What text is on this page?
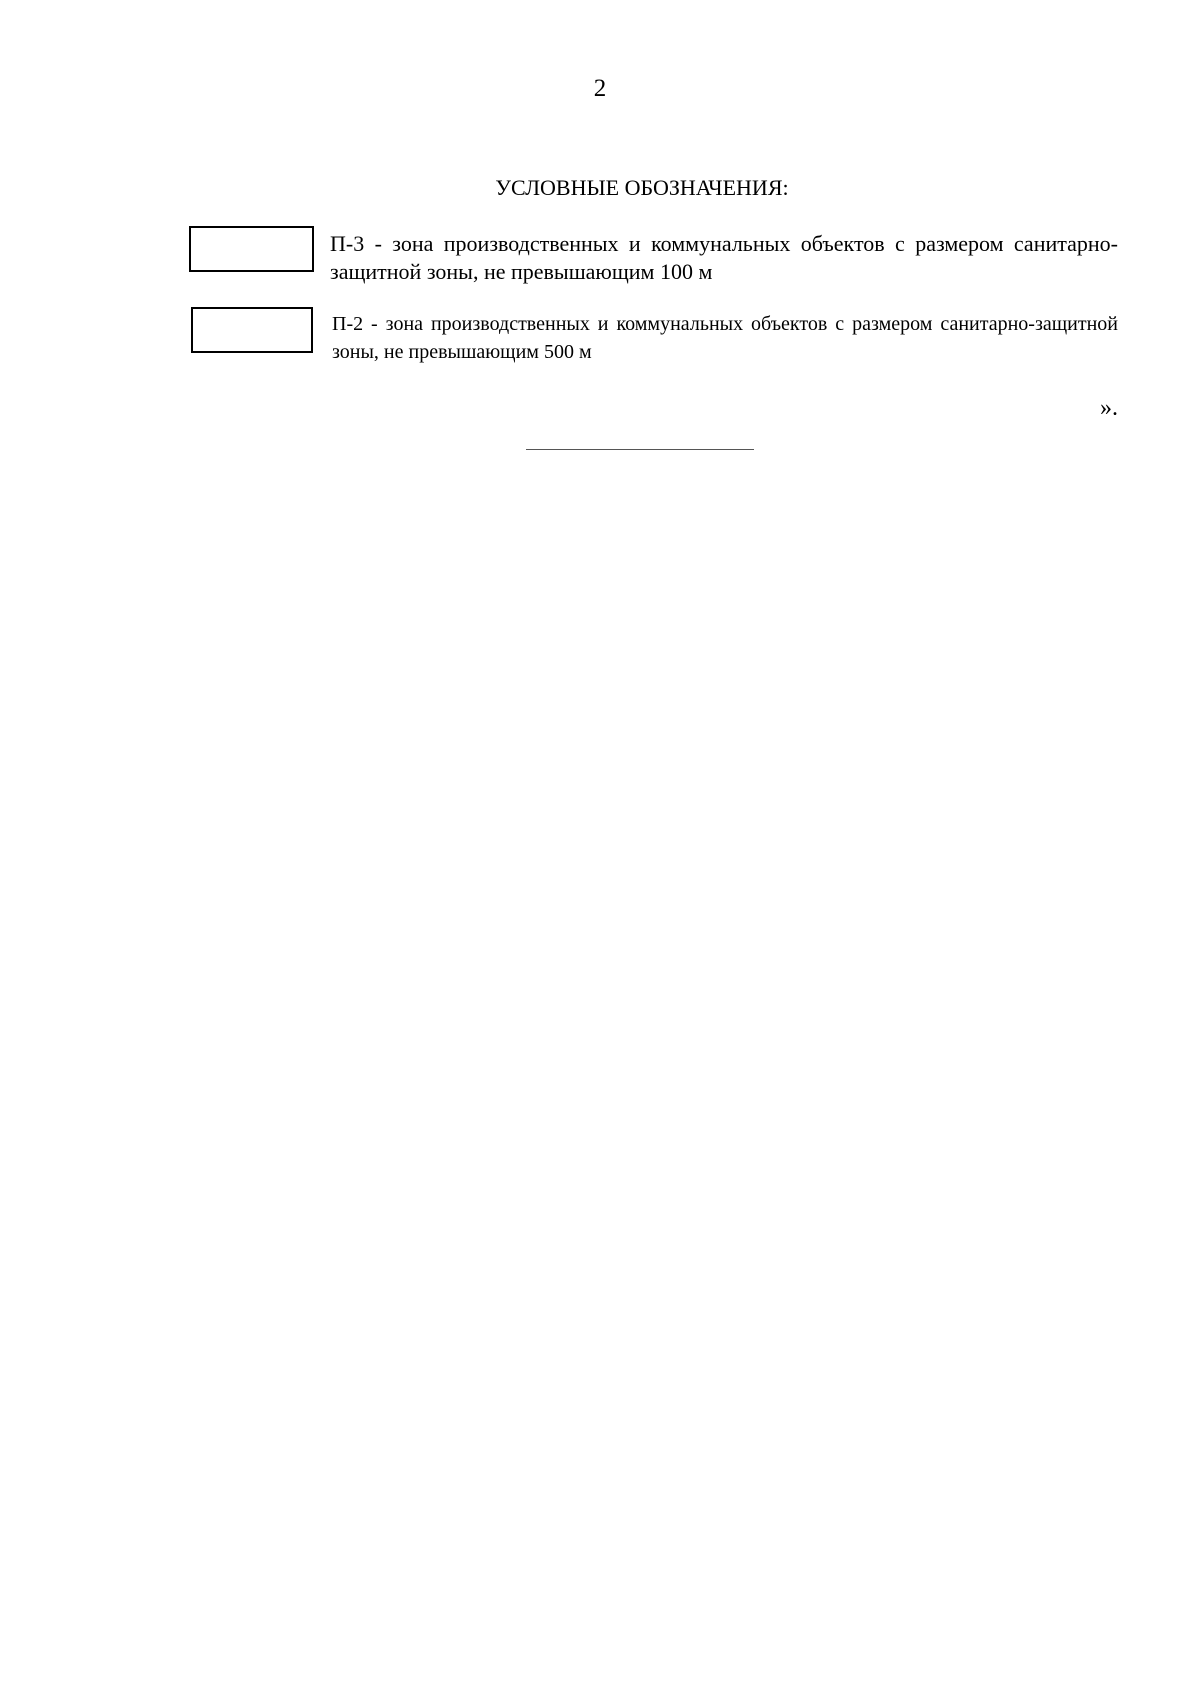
2
УСЛОВНЫЕ ОБОЗНАЧЕНИЯ:
П-3 - зона производственных и коммунальных объектов с размером санитарно-защитной зоны, не превышающим 100 м
П-2 - зона производственных и коммунальных объектов с размером санитарно-защитной зоны, не превышающим 500 м
».
